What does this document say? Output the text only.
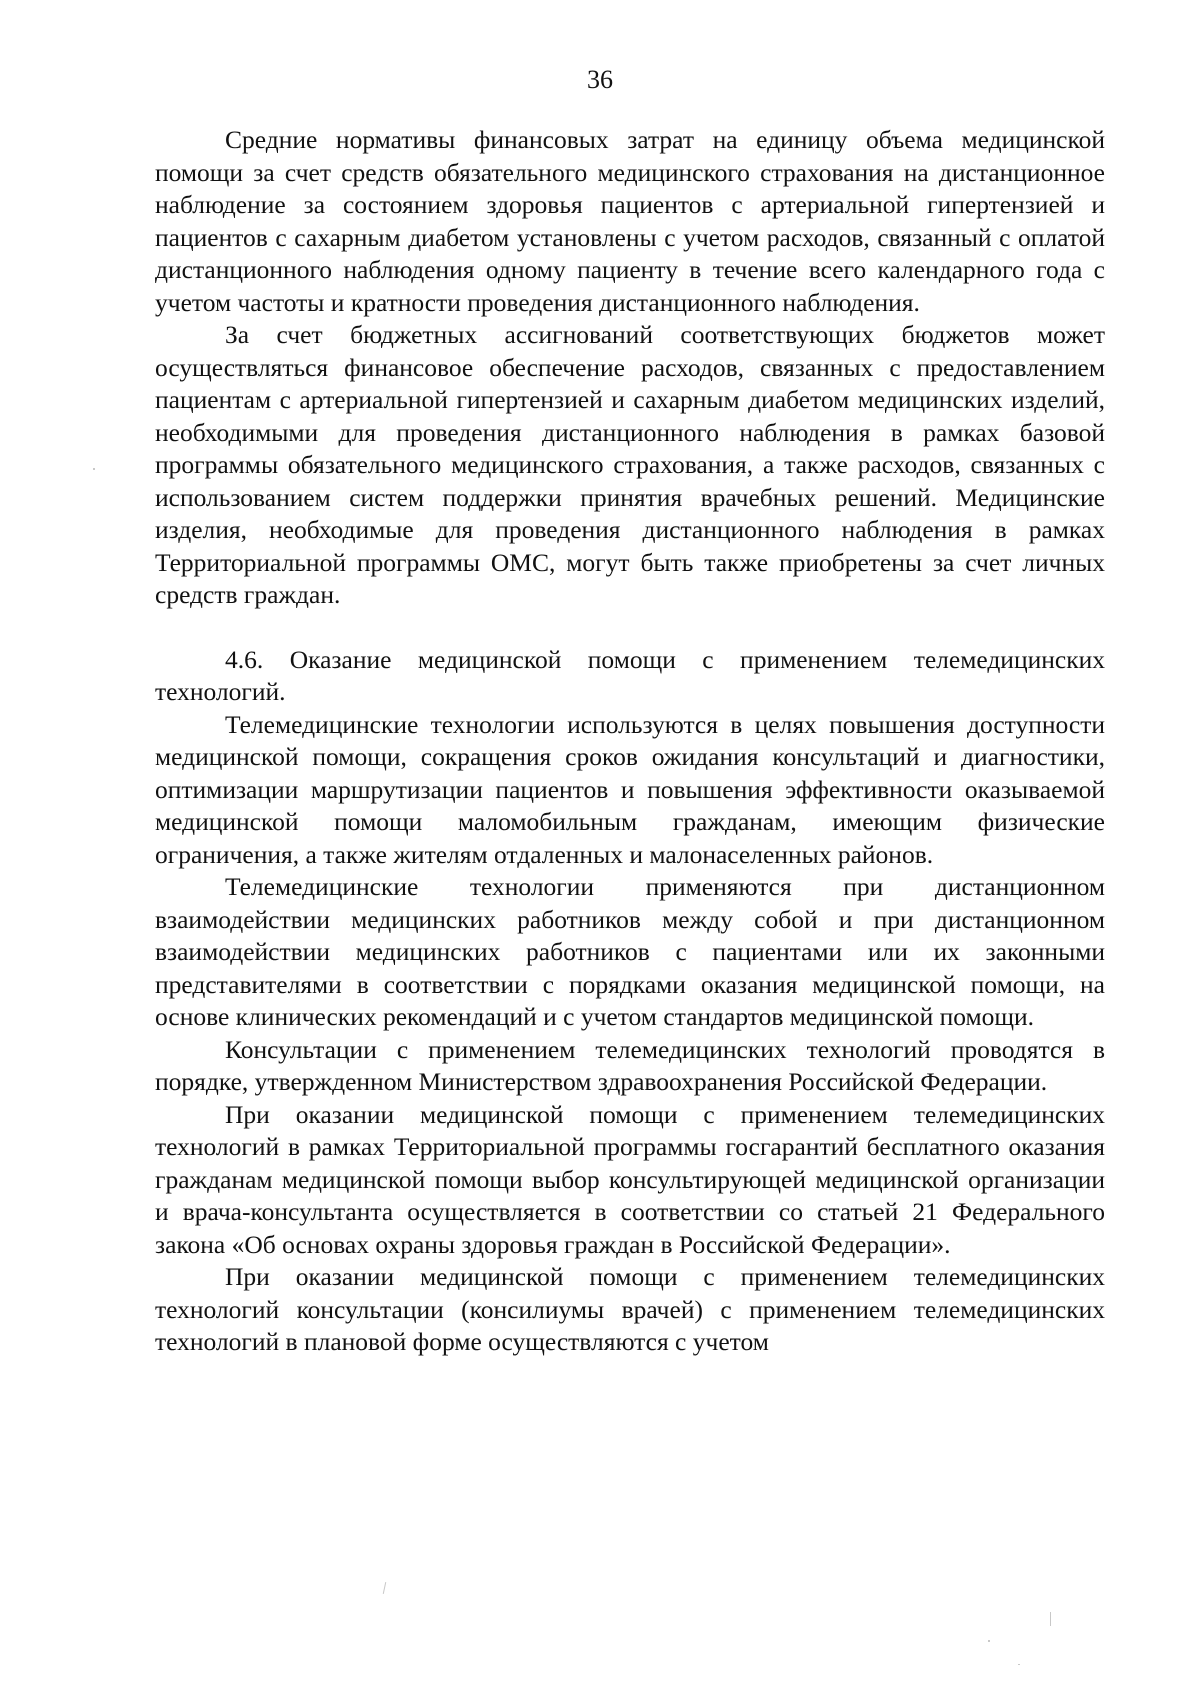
36

Средние нормативы финансовых затрат на единицу объема медицинской помощи за счет средств обязательного медицинского страхования на дистанционное наблюдение за состоянием здоровья пациентов с артериальной гипертензией и пациентов с сахарным диабетом установлены с учетом расходов, связанный с оплатой дистанционного наблюдения одному пациенту в течение всего календарного года с учетом частоты и кратности проведения дистанционного наблюдения.

За счет бюджетных ассигнований соответствующих бюджетов может осуществляться финансовое обеспечение расходов, связанных с предоставлением пациентам с артериальной гипертензией и сахарным диабетом медицинских изделий, необходимыми для проведения дистанционного наблюдения в рамках базовой программы обязательного медицинского страхования, а также расходов, связанных с использованием систем поддержки принятия врачебных решений. Медицинские изделия, необходимые для проведения дистанционного наблюдения в рамках Территориальной программы ОМС, могут быть также приобретены за счет личных средств граждан.

4.6. Оказание медицинской помощи с применением телемедицинских технологий.

Телемедицинские технологии используются в целях повышения доступности медицинской помощи, сокращения сроков ожидания консультаций и диагностики, оптимизации маршрутизации пациентов и повышения эффективности оказываемой медицинской помощи маломобильным гражданам, имеющим физические ограничения, а также жителям отдаленных и малонаселенных районов.

Телемедицинские технологии применяются при дистанционном взаимодействии медицинских работников между собой и при дистанционном взаимодействии медицинских работников с пациентами или их законными представителями в соответствии с порядками оказания медицинской помощи, на основе клинических рекомендаций и с учетом стандартов медицинской помощи.

Консультации с применением телемедицинских технологий проводятся в порядке, утвержденном Министерством здравоохранения Российской Федерации.

При оказании медицинской помощи с применением телемедицинских технологий в рамках Территориальной программы госгарантий бесплатного оказания гражданам медицинской помощи выбор консультирующей медицинской организации и врача-консультанта осуществляется в соответствии со статьей 21 Федерального закона «Об основах охраны здоровья граждан в Российской Федерации».

При оказании медицинской помощи с применением телемедицинских технологий консультации (консилиумы врачей) с применением телемедицинских технологий в плановой форме осуществляются с учетом
